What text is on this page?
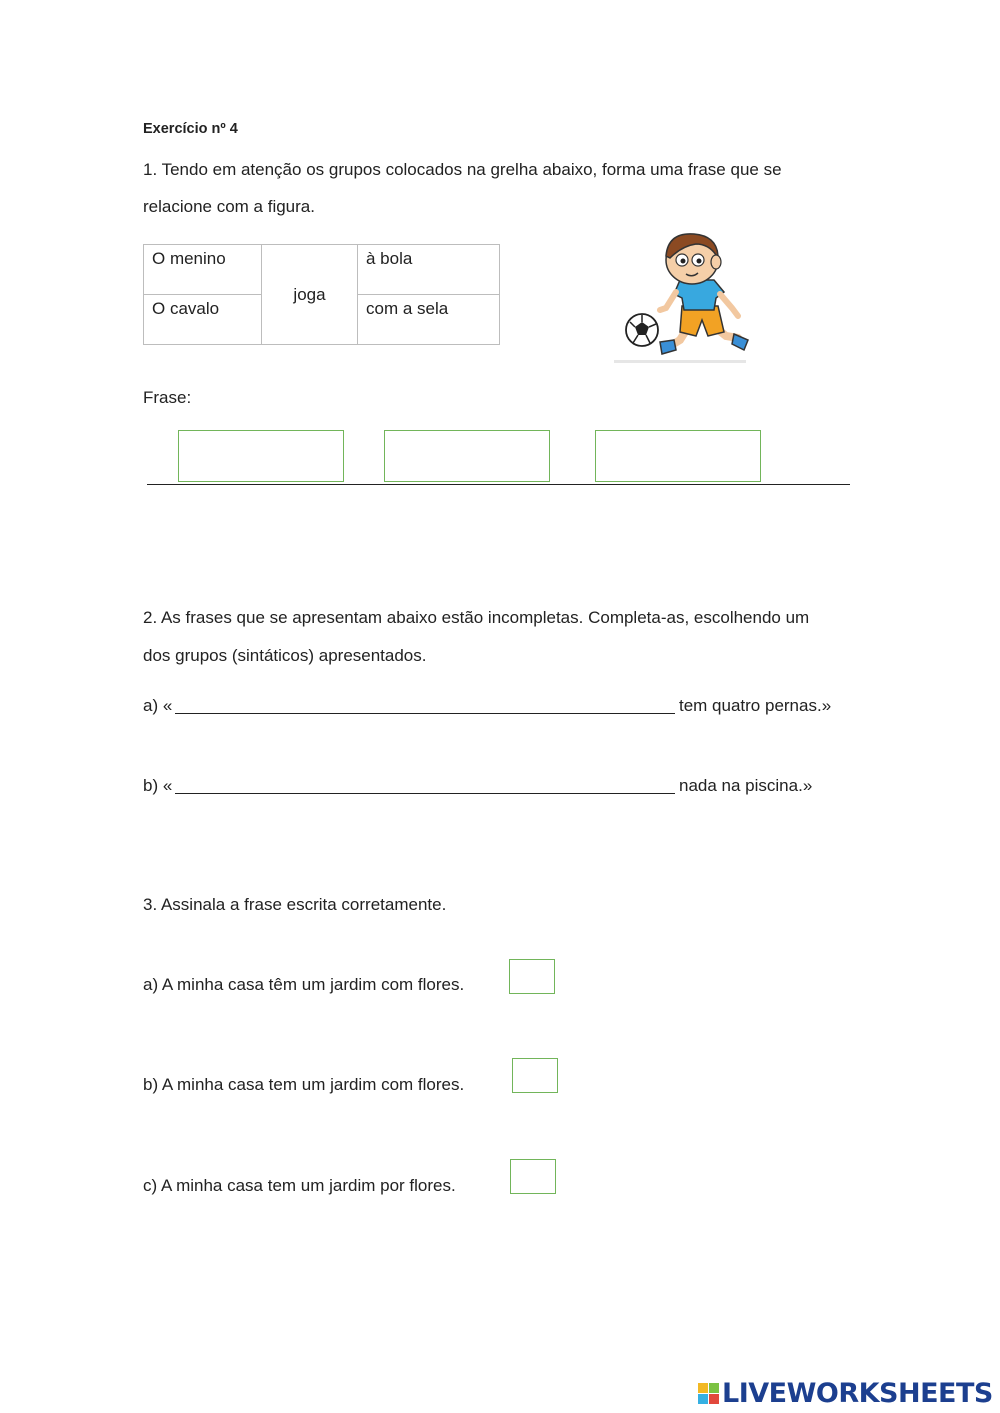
Exercício nº 4
1. Tendo em atenção os grupos colocados na grelha abaixo, forma uma frase que se
relacione com a figura.
O menino	joga	à bola
O cavalo		com a sela
Frase:
2. As frases que se apresentam abaixo estão incompletas. Completa-as, escolhendo um
dos grupos (sintáticos) apresentados.
a) «	tem quatro pernas.»
b) «	nada na piscina.»
3. Assinala a frase escrita corretamente.
a) A minha casa têm um jardim com flores.
b) A minha casa tem um jardim com flores.
c) A minha casa tem um jardim por flores.
LIVEWORKSHEETS
